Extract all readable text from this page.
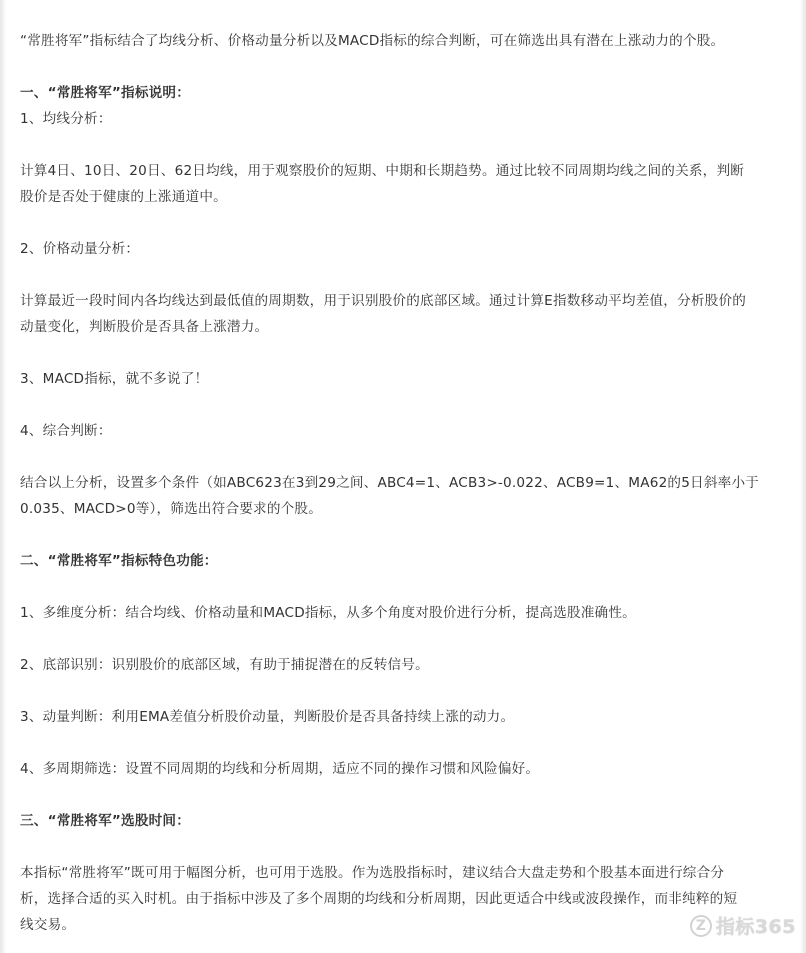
“常胜将军”指标结合了均线分析、价格动量分析以及MACD指标的综合判断，可在筛选出具有潜在上涨动力的个股。

一、“常胜将军”指标说明：

1、均线分析：

计算4日、10日、20日、62日均线，用于观察股价的短期、中期和长期趋势。通过比较不同周期均线之间的关系，判断

股价是否处于健康的上涨通道中。

2、价格动量分析：

计算最近一段时间内各均线达到最低值的周期数，用于识别股价的底部区域。通过计算E指数移动平均差值，分析股价的

动量变化，判断股价是否具备上涨潜力。

3、MACD指标，就不多说了！

4、综合判断：

结合以上分析，设置多个条件（如ABC623在3到29之间、ABC4=1、ACB3>-0.022、ACB9=1、MA62的5日斜率小于

0.035、MACD>0等），筛选出符合要求的个股。

二、“常胜将军”指标特色功能：

1、多维度分析：结合均线、价格动量和MACD指标，从多个角度对股价进行分析，提高选股准确性。

2、底部识别：识别股价的底部区域，有助于捕捉潜在的反转信号。

3、动量判断：利用EMA差值分析股价动量，判断股价是否具备持续上涨的动力。

4、多周期筛选：设置不同周期的均线和分析周期，适应不同的操作习惯和风险偏好。

三、“常胜将军”选股时间：

本指标“常胜将军”既可用于幅图分析，也可用于选股。作为选股指标时，建议结合大盘走势和个股基本面进行综合分

析，选择合适的买入时机。由于指标中涉及了多个周期的均线和分析周期，因此更适合中线或波段操作，而非纯粹的短

线交易。	Z 指标365
